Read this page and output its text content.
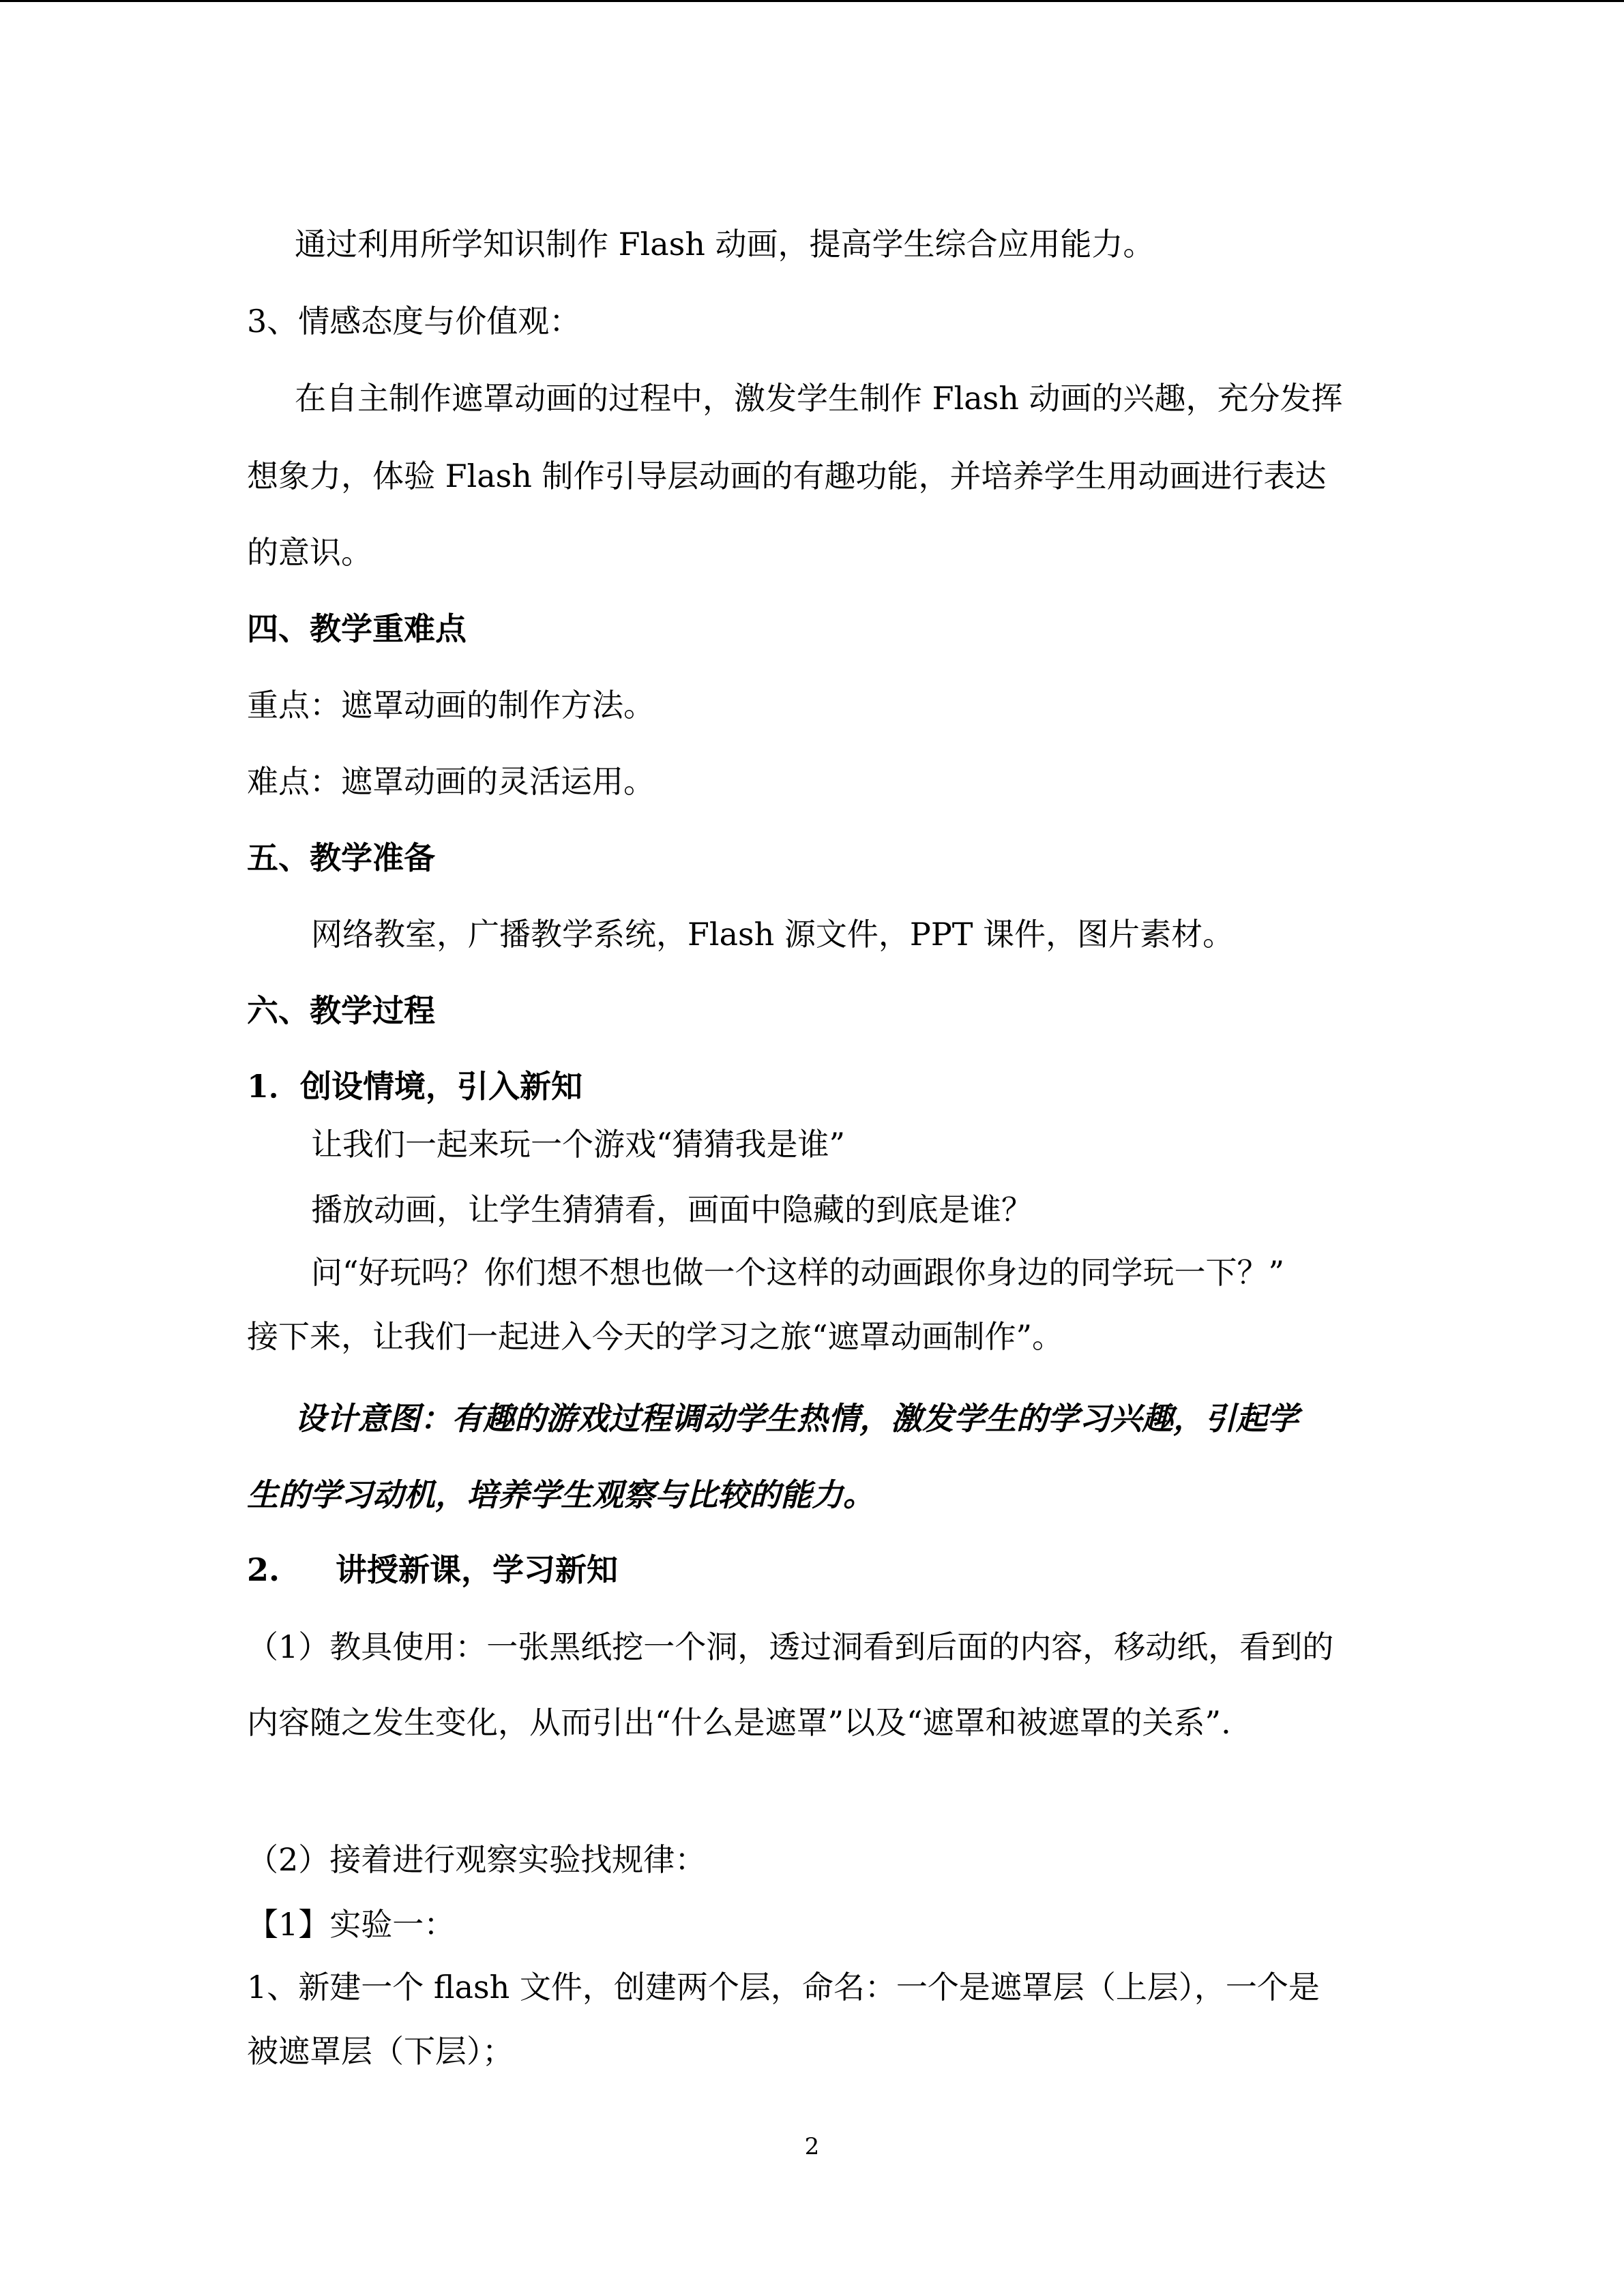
通过利用所学知识制作 Flash 动画，提高学生综合应用能力。

3、情感态度与价值观：

在自主制作遮罩动画的过程中，激发学生制作 Flash 动画的兴趣，充分发挥

想象力，体验 Flash 制作引导层动画的有趣功能，并培养学生用动画进行表达

的意识。

四、教学重难点

重点：遮罩动画的制作方法。

难点：遮罩动画的灵活运用。

五、教学准备

网络教室，广播教学系统，Flash 源文件，PPT 课件，图片素材。

六、教学过程

1．创设情境，引入新知

让我们一起来玩一个游戏“猜猜我是谁”

播放动画，让学生猜猜看，画面中隐藏的到底是谁？

问“好玩吗？你们想不想也做一个这样的动画跟你身边的同学玩一下？”

接下来，让我们一起进入今天的学习之旅“遮罩动画制作”。

设计意图：有趣的游戏过程调动学生热情，激发学生的学习兴趣，引起学

生的学习动机，培养学生观察与比较的能力。

2. 讲授新课，学习新知

（1）教具使用：一张黑纸挖一个洞，透过洞看到后面的内容，移动纸，看到的

内容随之发生变化，从而引出“什么是遮罩”以及“遮罩和被遮罩的关系”.

（2）接着进行观察实验找规律：

【1】实验一：

1、新建一个 flash 文件，创建两个层，命名：一个是遮罩层（上层），一个是

被遮罩层（下层）；

2
